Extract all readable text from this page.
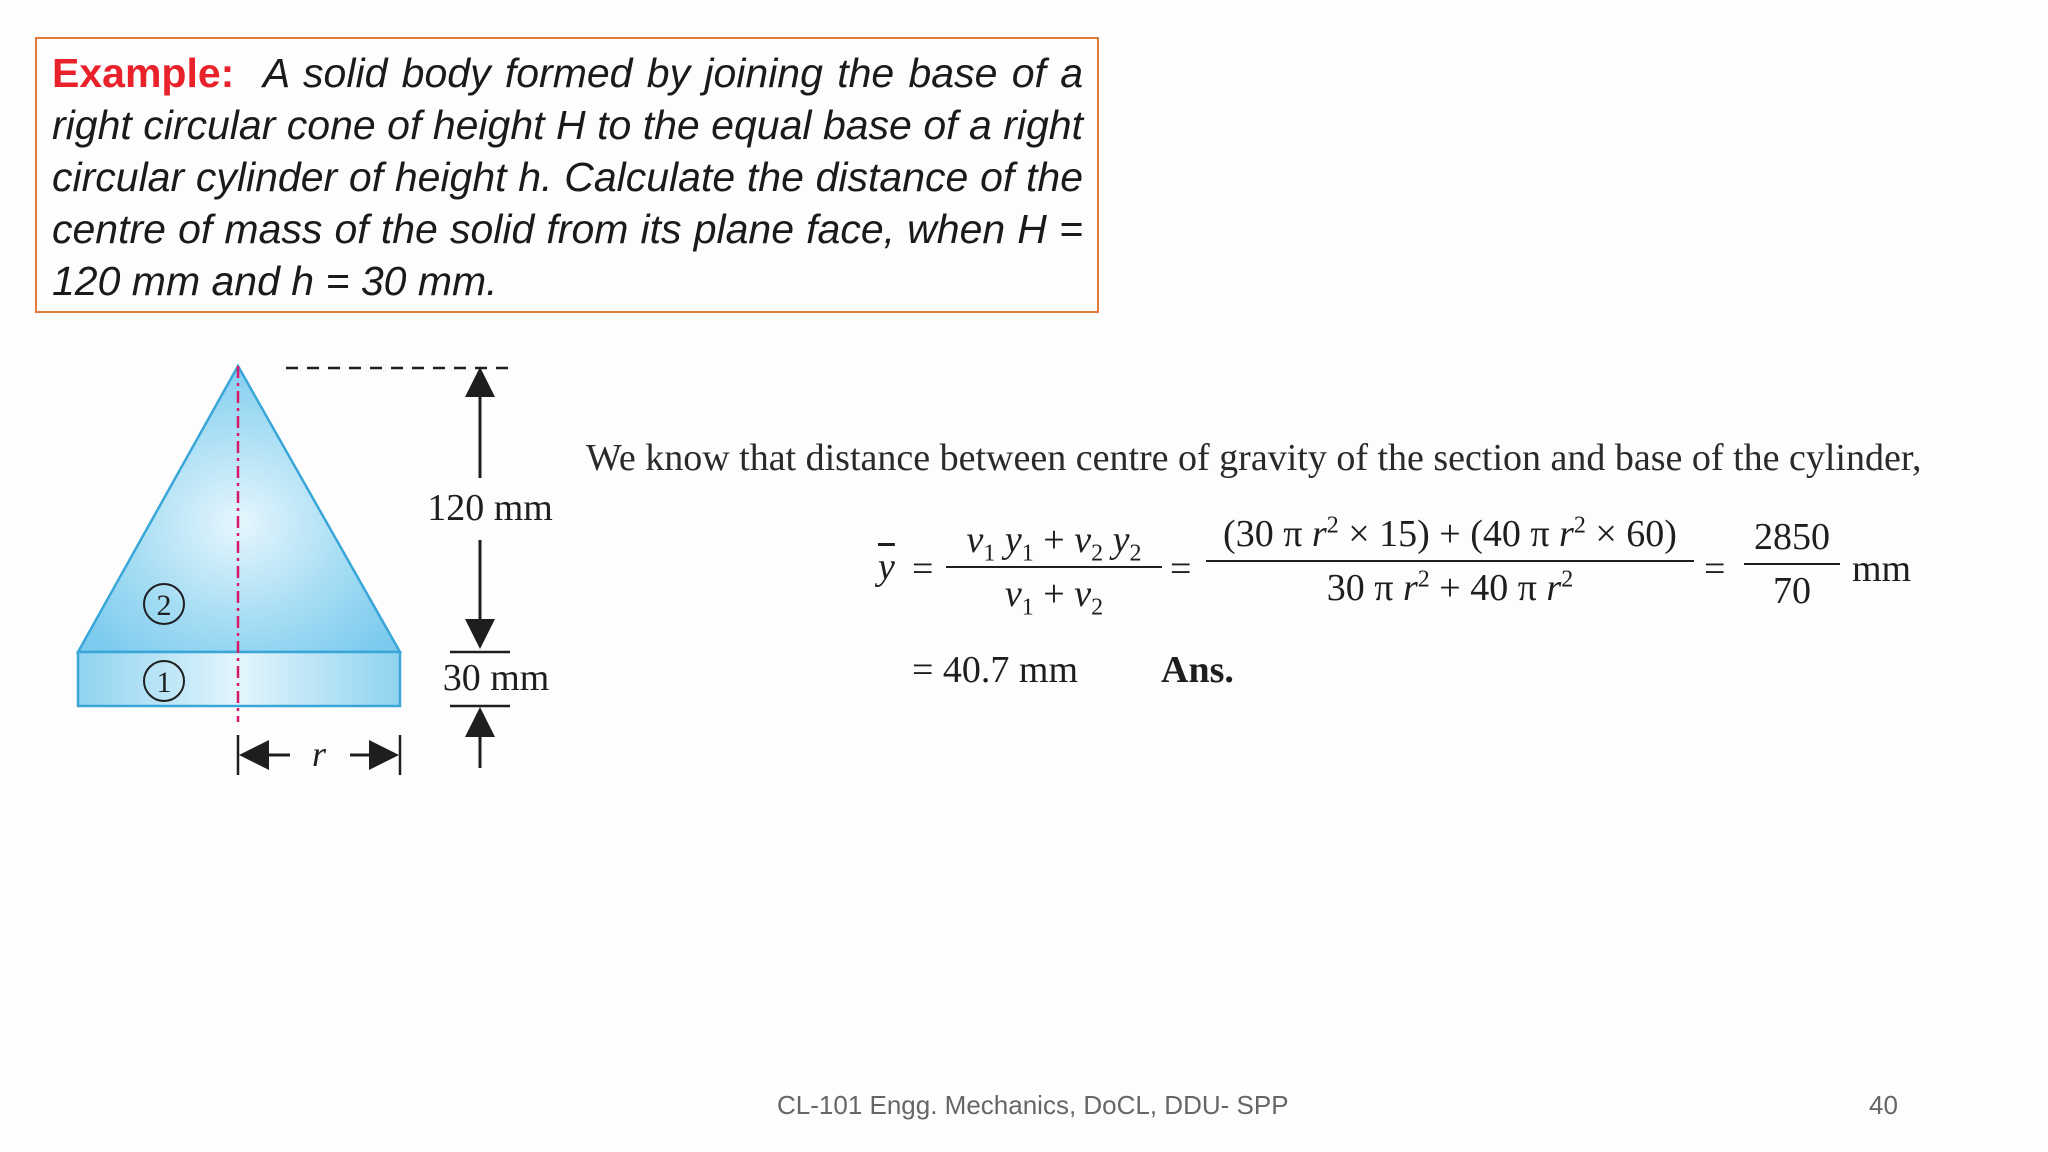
Example: A solid body formed by joining the base of a right circular cone of height H to the equal base of a right circular cylinder of height h. Calculate the distance of the centre of mass of the solid from its plane face, when H = 120 mm and h = 30 mm.
2
1
120 mm
30 mm
r
We know that distance between centre of gravity of the section and base of the cylinder,
$\overline{y}$ =
$v_1$ $y_1 + v_2$ $y_2$
$v_1 + v_2$
=
(30 π $r^2 \times 15) + (40$ π $r^2 \times 60$)
30 π $r^2 + 40$ π $r^2$	=
2850
70
mm
= 40.7 mm Ans.
CL-101 Engg. Mechanics, DoCL, DDU- SPP	40
